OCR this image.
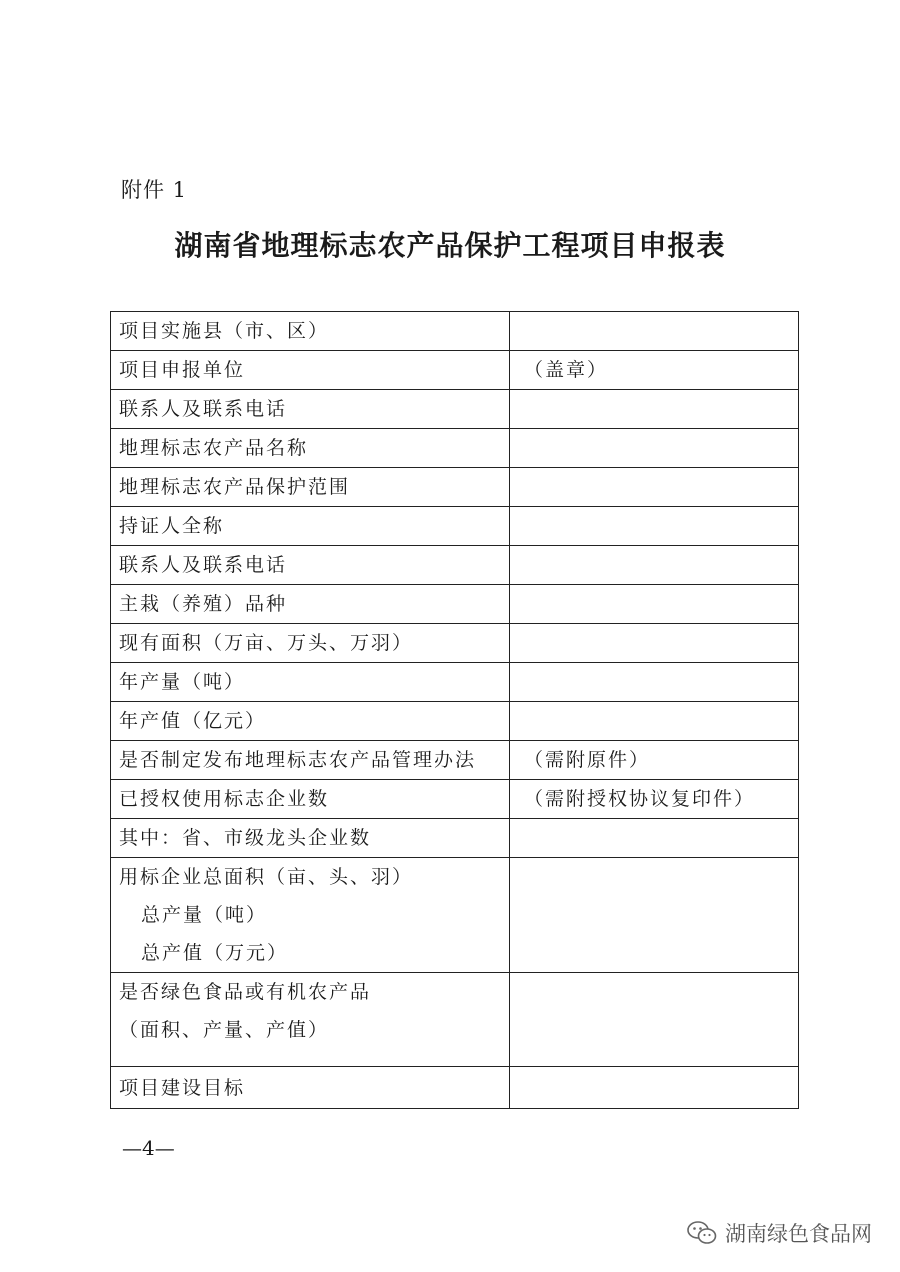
附件 1
湖南省地理标志农产品保护工程项目申报表
项目实施县（市、区）	
项目申报单位	（盖章）
联系人及联系电话	
地理标志农产品名称	
地理标志农产品保护范围	
持证人全称	
联系人及联系电话	
主栽（养殖）品种	
现有面积（万亩、万头、万羽）	
年产量（吨）	
年产值（亿元）	
是否制定发布地理标志农产品管理办法	（需附原件）
已授权使用标志企业数	（需附授权协议复印件）
其中：省、市级龙头企业数	

用标企业总面积（亩、头、羽）
总产量（吨）
总产值（万元）	

是否绿色食品或有机农产品
（面积、产量、产值）	

项目建设目标	
—4—
湖南绿色食品网
